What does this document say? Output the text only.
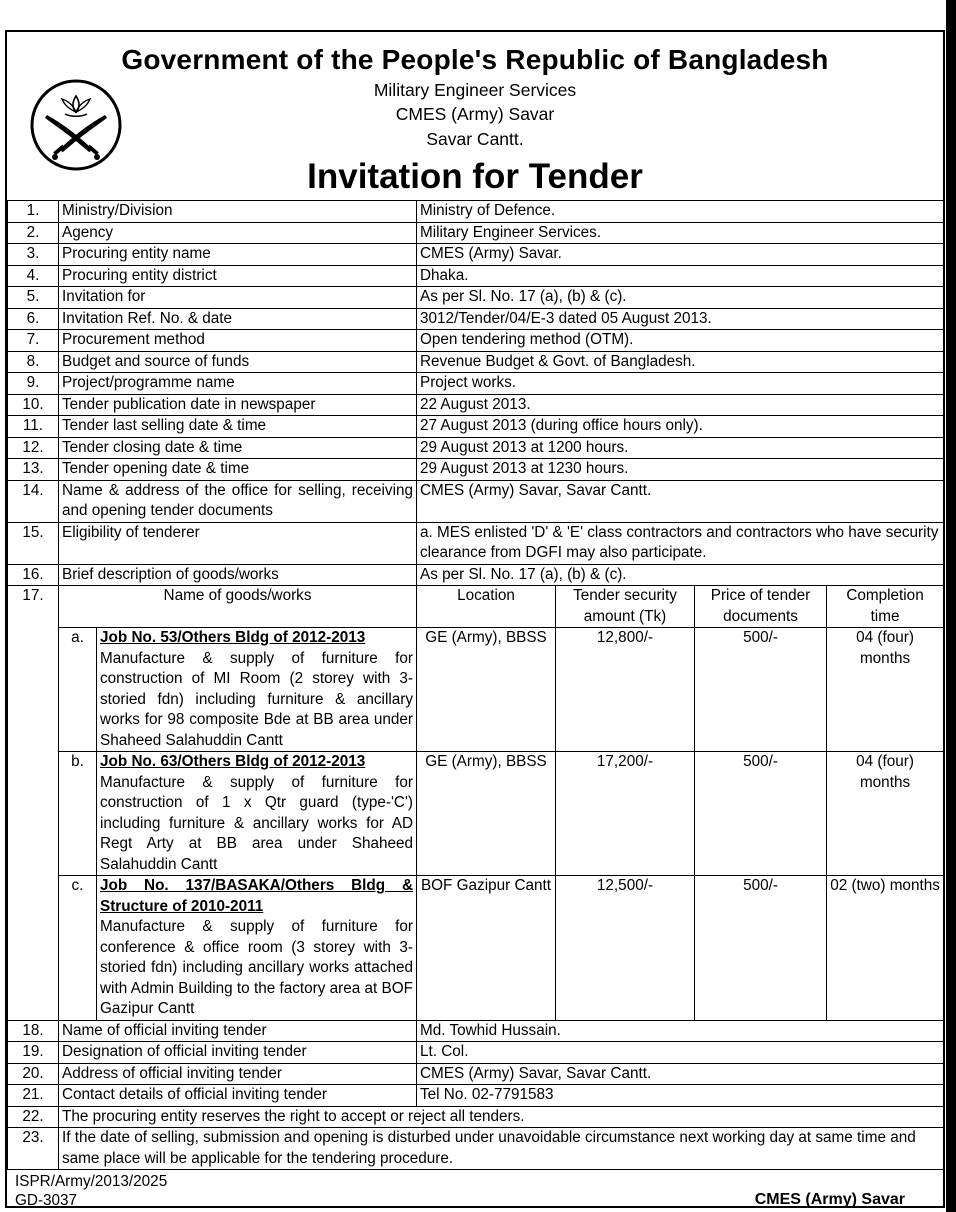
Government of the People's Republic of Bangladesh
Military Engineer Services
CMES (Army) Savar
Savar Cantt.
Invitation for Tender
1.	Ministry/Division		Ministry of Defence.			
2.	Agency		Military Engineer Services.			
3.	Procuring entity name		CMES (Army) Savar.			
4.	Procuring entity district		Dhaka.			
5.	Invitation for		As per Sl. No. 17 (a), (b) & (c).			
6.	Invitation Ref. No. & date		3012/Tender/04/E-3 dated 05 August 2013.			
7.	Procurement method		Open tendering method (OTM).			
8.	Budget and source of funds		Revenue Budget & Govt. of Bangladesh.			
9.	Project/programme name		Project works.			
10.	Tender publication date in newspaper		22 August 2013.			
11.	Tender last selling date & time		27 August 2013 (during office hours only).			
12.	Tender closing date & time		29 August 2013 at 1200 hours.			
13.	Tender opening date & time		29 August 2013 at 1230 hours.			
14.	Name & address of the office for selling, receiving and opening tender documents		CMES (Army) Savar, Savar Cantt.			
15.	Eligibility of tenderer		a. MES enlisted 'D' & 'E' class contractors and contractors who have security clearance from DGFI may also participate.			
16.	Brief description of goods/works		As per Sl. No. 17 (a), (b) & (c).			
17.	Name of goods/works		Location	Tender security amount (Tk)	Price of tender documents	Completion time
	a.	Job No. 53/Others Bldg of 2012-2013
Manufacture & supply of furniture for construction of MI Room (2 storey with 3-storied fdn) including furniture & ancillary works for 98 composite Bde at BB area under Shaheed Salahuddin Cantt	GE (Army), BBSS	12,800/-	500/-	04 (four) months
	b.	Job No. 63/Others Bldg of 2012-2013
Manufacture & supply of furniture for construction of 1 x Qtr guard (type-'C') including furniture & ancillary works for AD Regt Arty at BB area under Shaheed Salahuddin Cantt	GE (Army), BBSS	17,200/-	500/-	04 (four) months
	c.	Job No. 137/BASAKA/Others Bldg & Structure of 2010-2011
Manufacture & supply of furniture for conference & office room (3 storey with 3-storied fdn) including ancillary works attached with Admin Building to the factory area at BOF Gazipur Cantt	BOF Gazipur Cantt	12,500/-	500/-	02 (two) months
18.	Name of official inviting tender		Md. Towhid Hussain.			
19.	Designation of official inviting tender		Lt. Col.			
20.	Address of official inviting tender		CMES (Army) Savar, Savar Cantt.			
21.	Contact details of official inviting tender		Tel No. 02-7791583			
22.	The procuring entity reserves the right to accept or reject all tenders.					
23.	If the date of selling, submission and opening is disturbed under unavoidable circumstance next working day at same time and same place will be applicable for the tendering procedure.					
ISPR/Army/2013/2025
GD-3037	CMES (Army) Savar
